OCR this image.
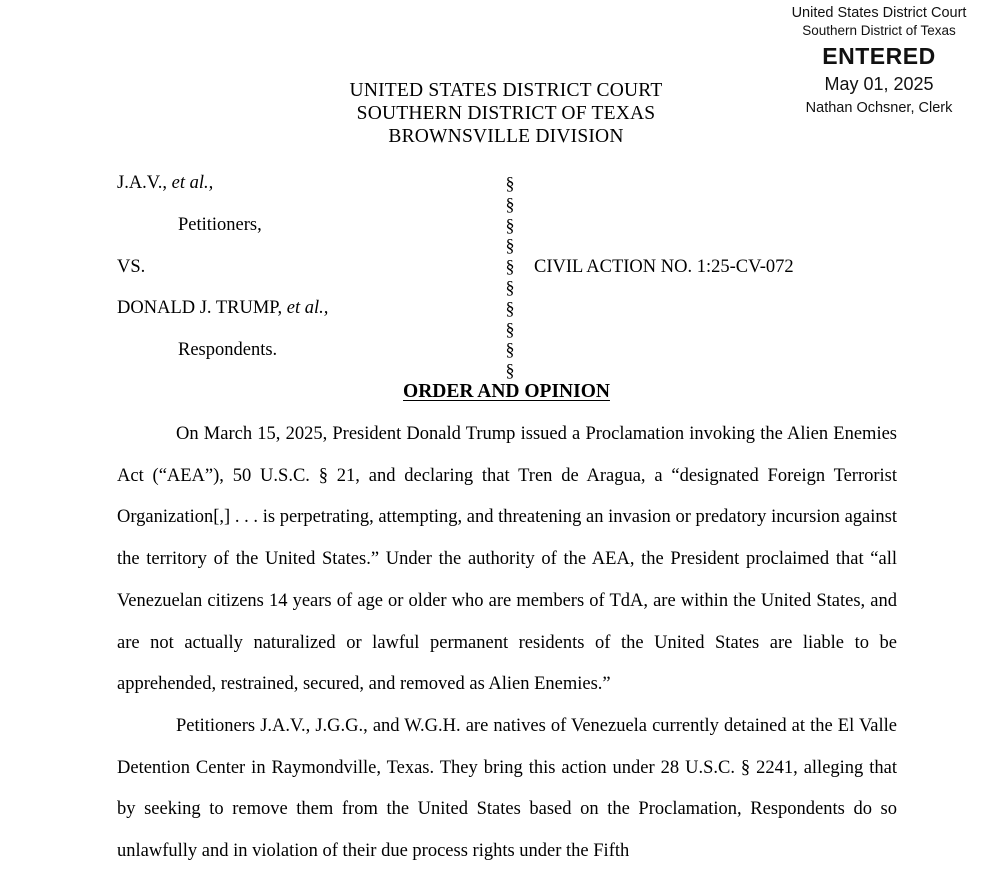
United States District Court
Southern District of Texas
ENTERED
May 01, 2025
Nathan Ochsner, Clerk
UNITED STATES DISTRICT COURT
SOUTHERN DISTRICT OF TEXAS
BROWNSVILLE DIVISION
J.A.V., et al.,
Petitioners,
VS.
DONALD J. TRUMP, et al.,
Respondents.
§
§
§
§
§
§
§
§
§
§
CIVIL ACTION NO. 1:25-CV-072
ORDER AND OPINION

On March 15, 2025, President Donald Trump issued a Proclamation invoking the Alien Enemies Act (“AEA”), 50 U.S.C. § 21, and declaring that Tren de Aragua, a “designated Foreign Terrorist Organization[,] . . . is perpetrating, attempting, and threatening an invasion or predatory incursion against the territory of the United States.” Under the authority of the AEA, the President proclaimed that “all Venezuelan citizens 14 years of age or older who are members of TdA, are within the United States, and are not actually naturalized or lawful permanent residents of the United States are liable to be apprehended, restrained, secured, and removed as Alien Enemies.”

Petitioners J.A.V., J.G.G., and W.G.H. are natives of Venezuela currently detained at the El Valle Detention Center in Raymondville, Texas. They bring this action under 28 U.S.C. § 2241, alleging that by seeking to remove them from the United States based on the Proclamation, Respondents do so unlawfully and in violation of their due process rights under the Fifth
